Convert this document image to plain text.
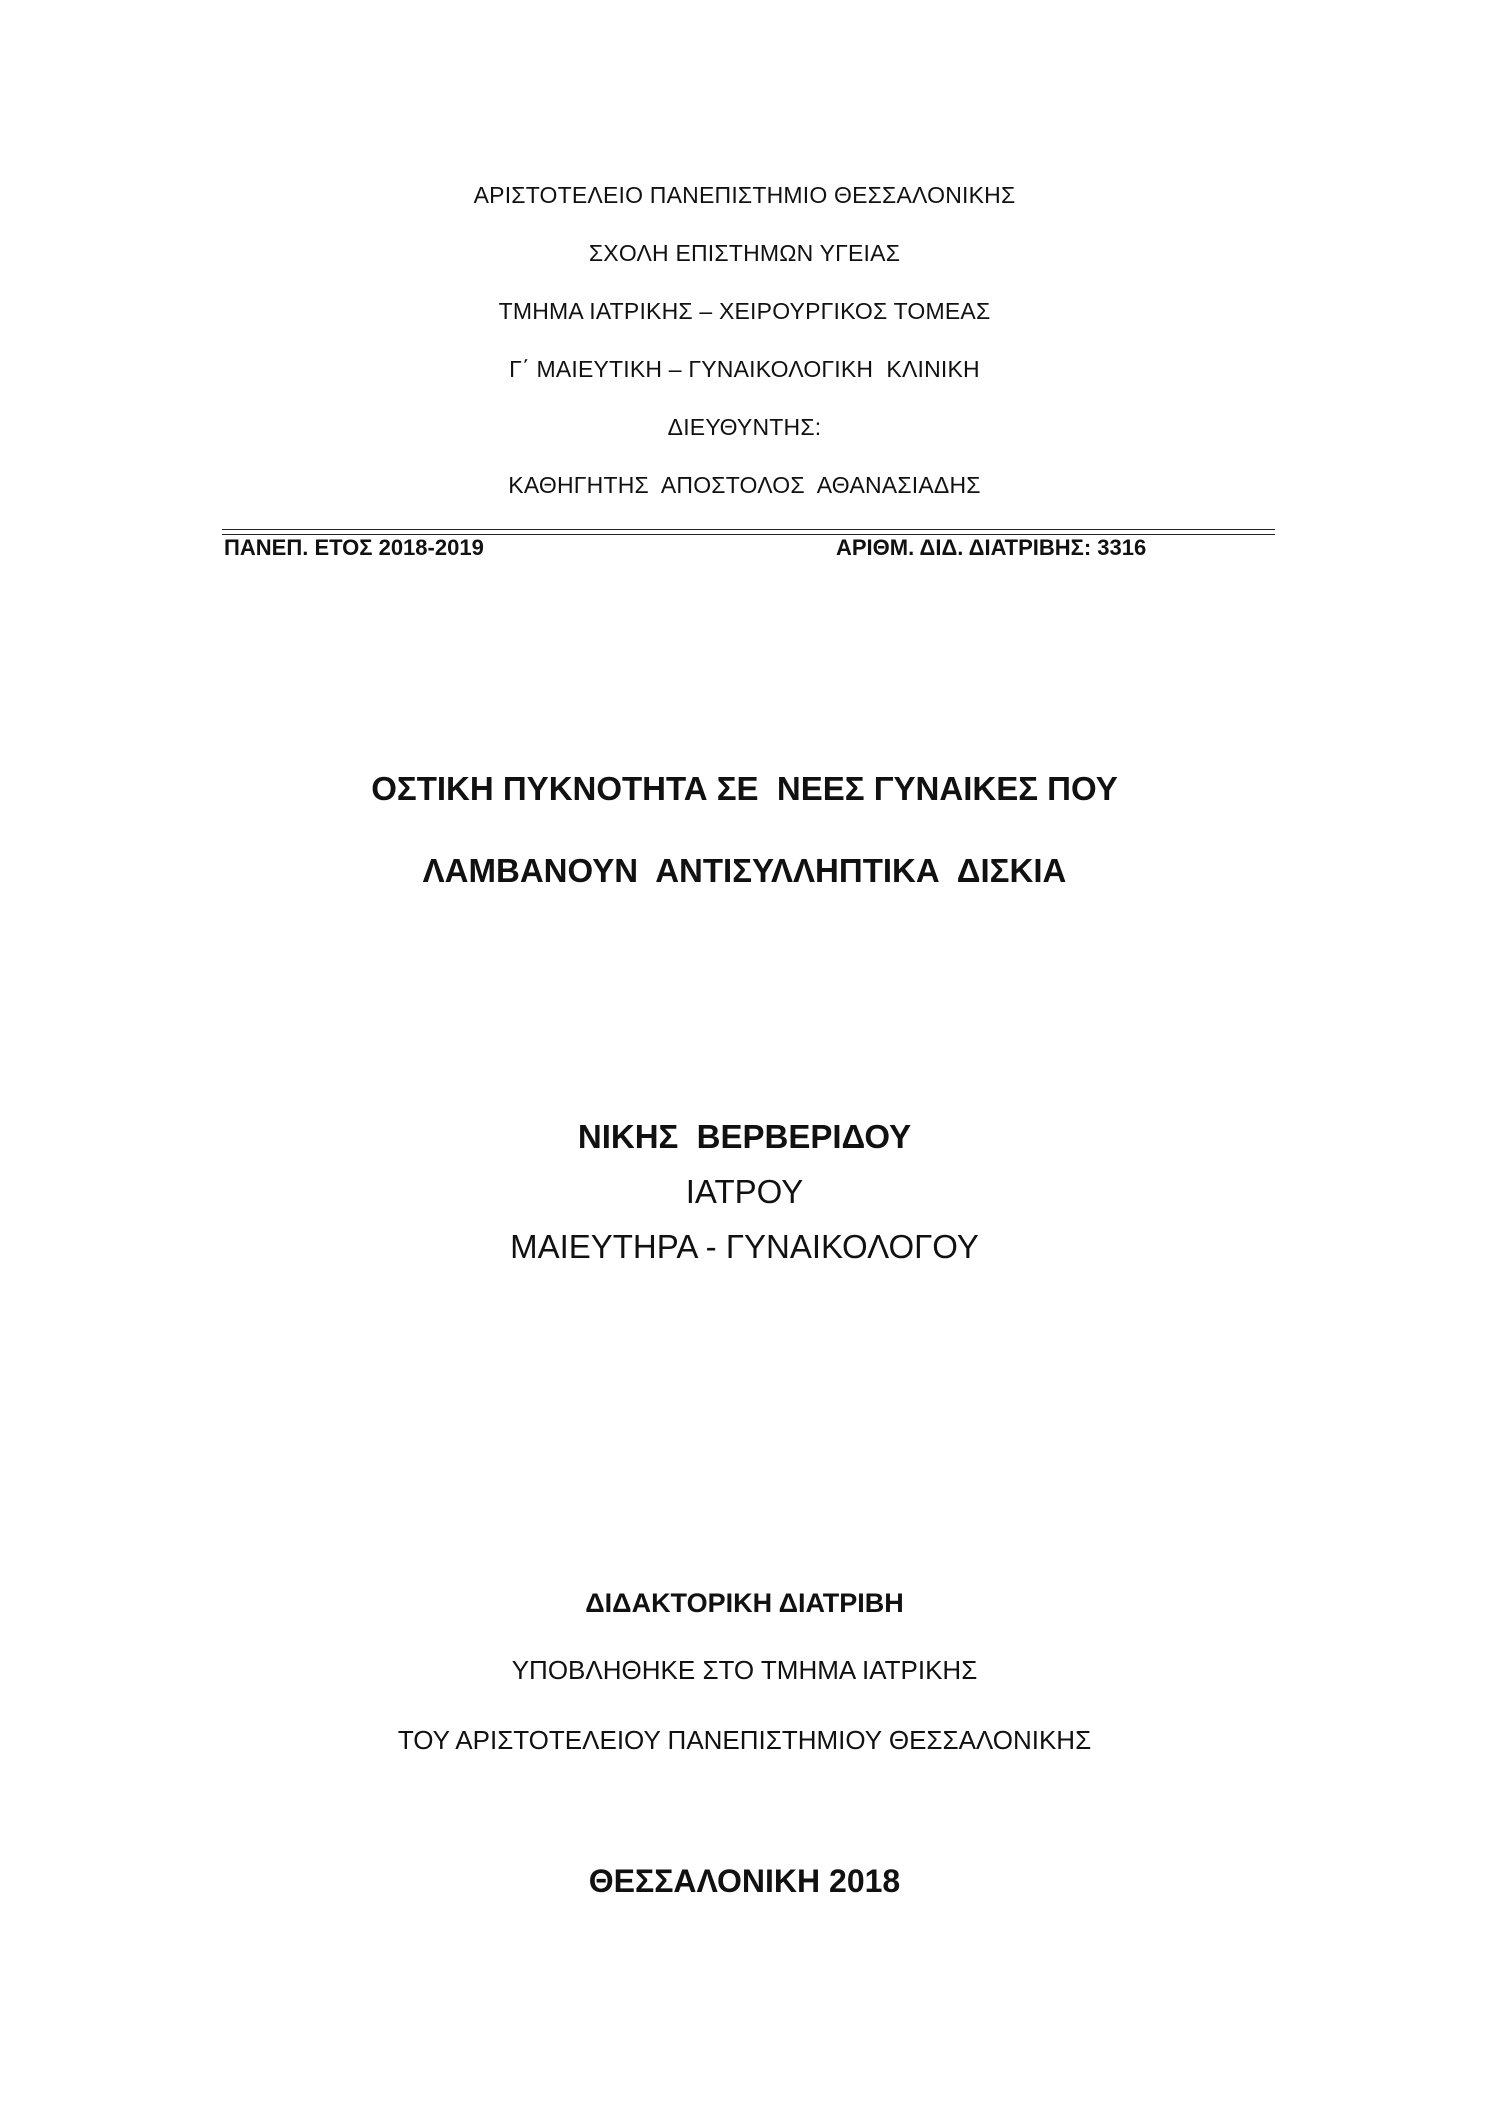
ΑΡΙΣΤΟΤΕΛΕΙΟ ΠΑΝΕΠΙΣΤΗΜΙΟ ΘΕΣΣΑΛΟΝΙΚΗΣ
ΣΧΟΛΗ ΕΠΙΣΤΗΜΩΝ ΥΓΕΙΑΣ
ΤΜΗΜΑ ΙΑΤΡΙΚΗΣ – ΧΕΙΡΟΥΡΓΙΚΟΣ ΤΟΜΕΑΣ
Γ΄ ΜΑΙΕΥΤΙΚΗ – ΓΥΝΑΙΚΟΛΟΓΙΚΗ  ΚΛΙΝΙΚΗ
ΔΙΕΥΘΥΝΤΗΣ:
ΚΑΘΗΓΗΤΗΣ  ΑΠΟΣΤΟΛΟΣ  ΑΘΑΝΑΣΙΑΔΗΣ
ΠΑΝΕΠ. ΕΤΟΣ 2018-2019	ΑΡΙΘΜ. ΔΙΔ. ΔΙΑΤΡΙΒΗΣ: 3316
ΟΣΤΙΚΗ ΠΥΚΝΟΤΗΤΑ ΣΕ  ΝΕΕΣ ΓΥΝΑΙΚΕΣ ΠΟΥ
ΛΑΜΒΑΝΟΥΝ  ΑΝΤΙΣΥΛΛΗΠΤΙΚΑ  ΔΙΣΚΙΑ
ΝΙΚΗΣ  ΒΕΡΒΕΡΙΔΟΥ
ΙΑΤΡΟΥ
ΜΑΙΕΥΤΗΡΑ - ΓΥΝΑΙΚΟΛΟΓΟΥ
ΔΙΔΑΚΤΟΡΙΚΗ ΔΙΑΤΡΙΒΗ
ΥΠΟΒΛΗΘΗΚΕ ΣΤΟ ΤΜΗΜΑ ΙΑΤΡΙΚΗΣ
ΤΟΥ ΑΡΙΣΤΟΤΕΛΕΙΟΥ ΠΑΝΕΠΙΣΤΗΜΙΟΥ ΘΕΣΣΑΛΟΝΙΚΗΣ
ΘΕΣΣΑΛΟΝΙΚΗ 2018
